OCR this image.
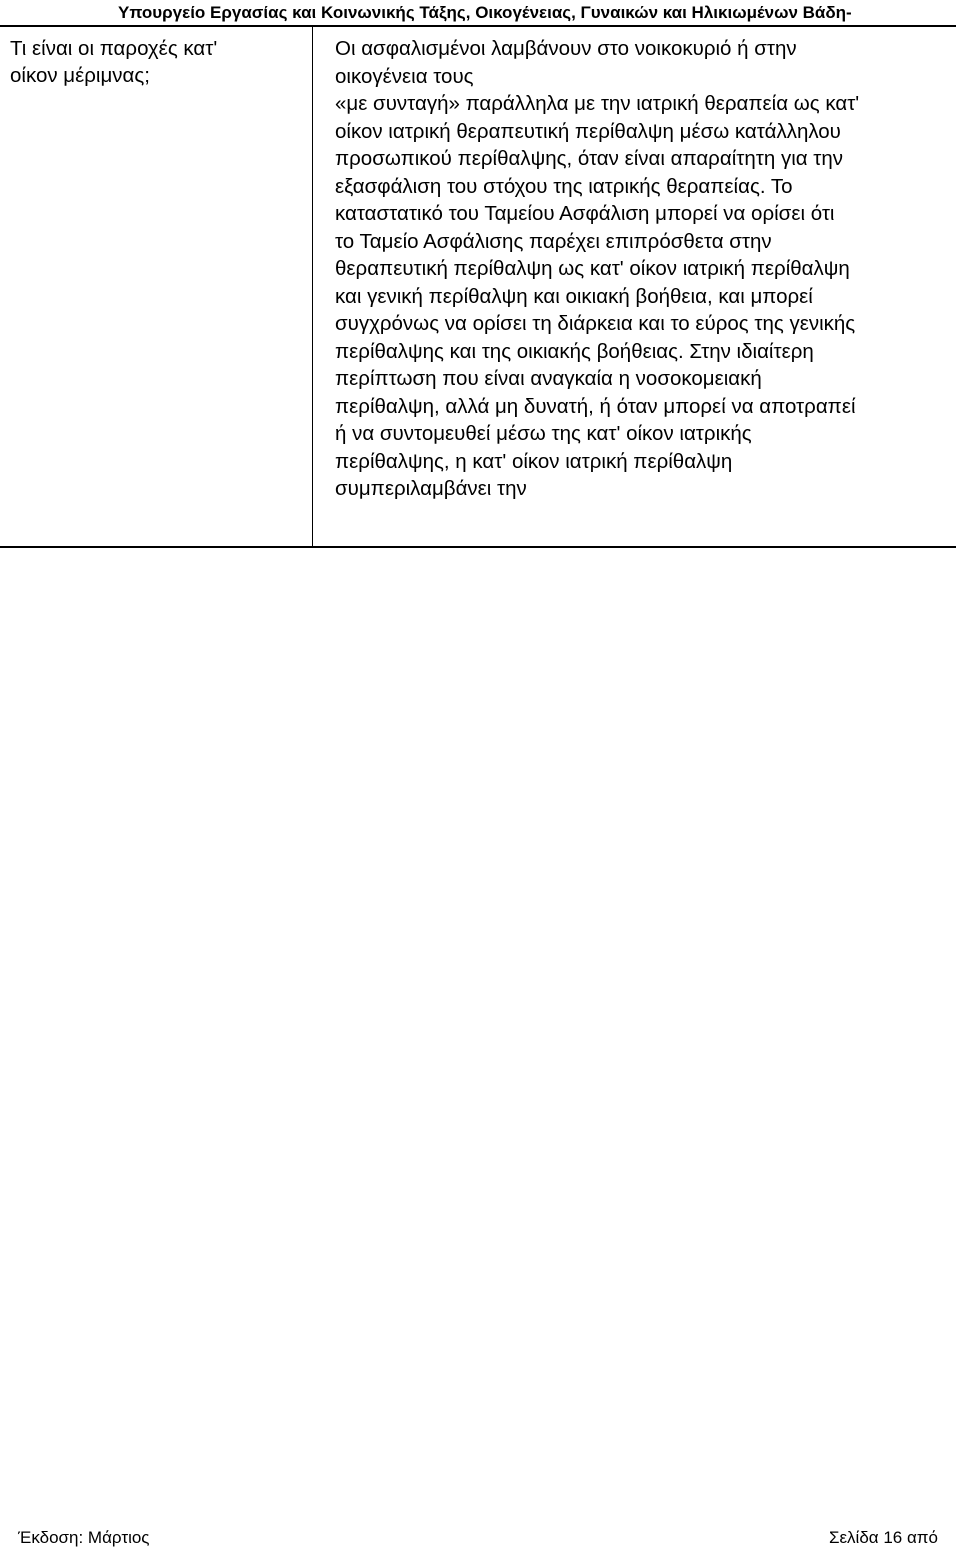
Υπουργείο Εργασίας και Κοινωνικής Τάξης, Οικογένειας, Γυναικών και Ηλικιωμένων Βάδη-
Τι είναι οι παροχές κατ'
οίκον μέριμνας;
Οι ασφαλισμένοι λαμβάνουν στο νοικοκυριό ή στην
οικογένεια τους
«με συνταγή» παράλληλα με την ιατρική θεραπεία ως κατ'
οίκον ιατρική θεραπευτική περίθαλψη μέσω κατάλληλου
προσωπικού περίθαλψης, όταν είναι απαραίτητη για την
εξασφάλιση του στόχου της ιατρικής θεραπείας. Το
καταστατικό του Ταμείου Ασφάλιση μπορεί να ορίσει ότι
το Ταμείο Ασφάλισης παρέχει επιπρόσθετα στην
θεραπευτική περίθαλψη ως κατ' οίκον ιατρική περίθαλψη
και γενική περίθαλψη και οικιακή βοήθεια, και μπορεί
συγχρόνως να ορίσει τη διάρκεια και το εύρος της γενικής
περίθαλψης και της οικιακής βοήθειας. Στην ιδιαίτερη
περίπτωση που είναι αναγκαία η νοσοκομειακή
περίθαλψη, αλλά μη δυνατή, ή όταν μπορεί να αποτραπεί
ή να συντομευθεί μέσω της κατ' οίκον ιατρικής
περίθαλψης, η κατ' οίκον ιατρική περίθαλψη
συμπεριλαμβάνει την
Έκδοση: Μάρτιος	Σελίδα 16 από
